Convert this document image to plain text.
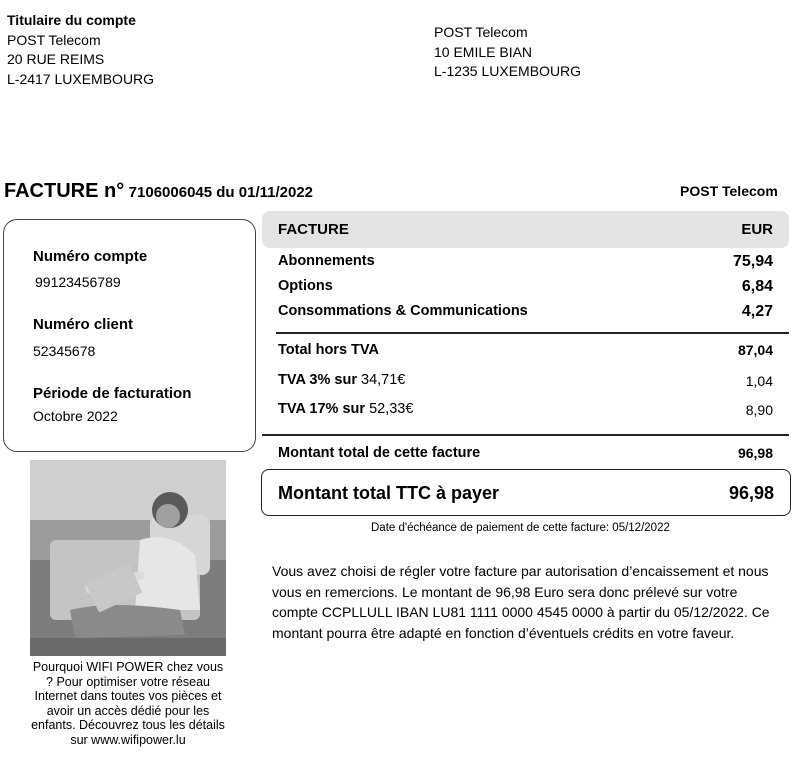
Titulaire du compte
POST Telecom
20 RUE REIMS
L-2417 LUXEMBOURG
POST Telecom
10 EMILE BIAN
L-1235 LUXEMBOURG
FACTURE n° 7106006045 du 01/11/2022	POST Telecom
Numéro compte
99123456789
Numéro client
52345678
Période de facturation
Octobre 2022
FACTURE	EUR
Abonnements	75,94
Options	6,84
Consommations & Communications	4,27
Total hors TVA	87,04
TVA 3% sur 34,71€	1,04
TVA 17% sur 52,33€	8,90
Montant total de cette facture	96,98
Montant total TTC à payer	96,98
Date d'échéance de paiement de cette facture: 05/12/2022
Vous avez choisi de régler votre facture par autorisation d’encaissement et nous vous en remercions. Le montant de 96,98 Euro sera donc prélevé sur votre compte CCPLLULL IBAN LU81 1111 0000 4545 0000 à partir du 05/12/2022. Ce montant pourra être adapté en fonction d’éventuels crédits en votre faveur.
Pourquoi WIFI POWER chez vous ? Pour optimiser votre réseau Internet dans toutes vos pièces et avoir un accès dédié pour les enfants. Découvrez tous les détails sur www.wifipower.lu
